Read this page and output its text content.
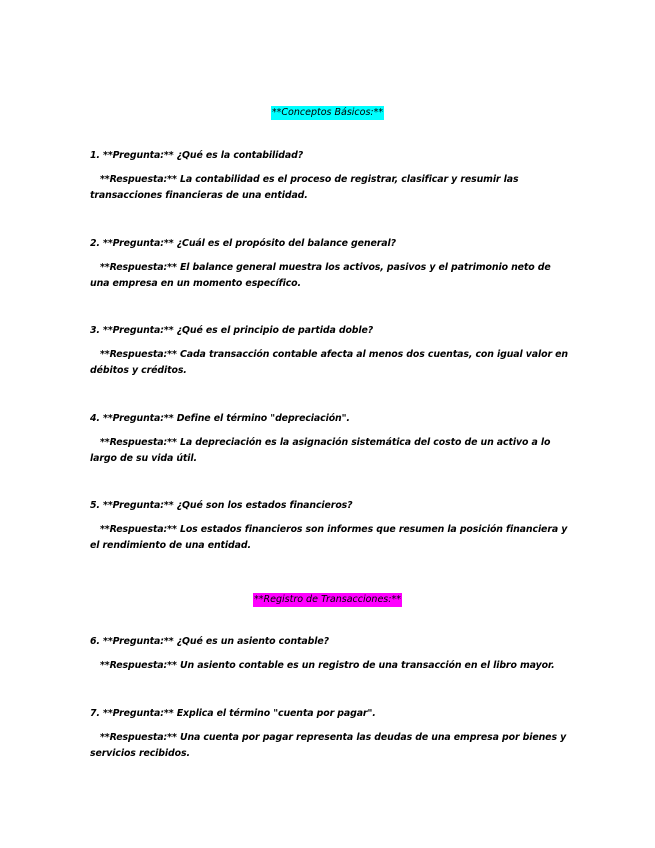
**Conceptos Básicos:**

1. **Pregunta:** ¿Qué es la contabilidad?

**Respuesta:** La contabilidad es el proceso de registrar, clasificar y resumir las transacciones financieras de una entidad.

2. **Pregunta:** ¿Cuál es el propósito del balance general?

**Respuesta:** El balance general muestra los activos, pasivos y el patrimonio neto de una empresa en un momento específico.

3. **Pregunta:** ¿Qué es el principio de partida doble?

**Respuesta:** Cada transacción contable afecta al menos dos cuentas, con igual valor en débitos y créditos.

4. **Pregunta:** Define el término "depreciación".

**Respuesta:** La depreciación es la asignación sistemática del costo de un activo a lo largo de su vida útil.

5. **Pregunta:** ¿Qué son los estados financieros?

**Respuesta:** Los estados financieros son informes que resumen la posición financiera y el rendimiento de una entidad.

**Registro de Transacciones:**

6. **Pregunta:** ¿Qué es un asiento contable?

**Respuesta:** Un asiento contable es un registro de una transacción en el libro mayor.

7. **Pregunta:** Explica el término "cuenta por pagar".

**Respuesta:** Una cuenta por pagar representa las deudas de una empresa por bienes y servicios recibidos.
